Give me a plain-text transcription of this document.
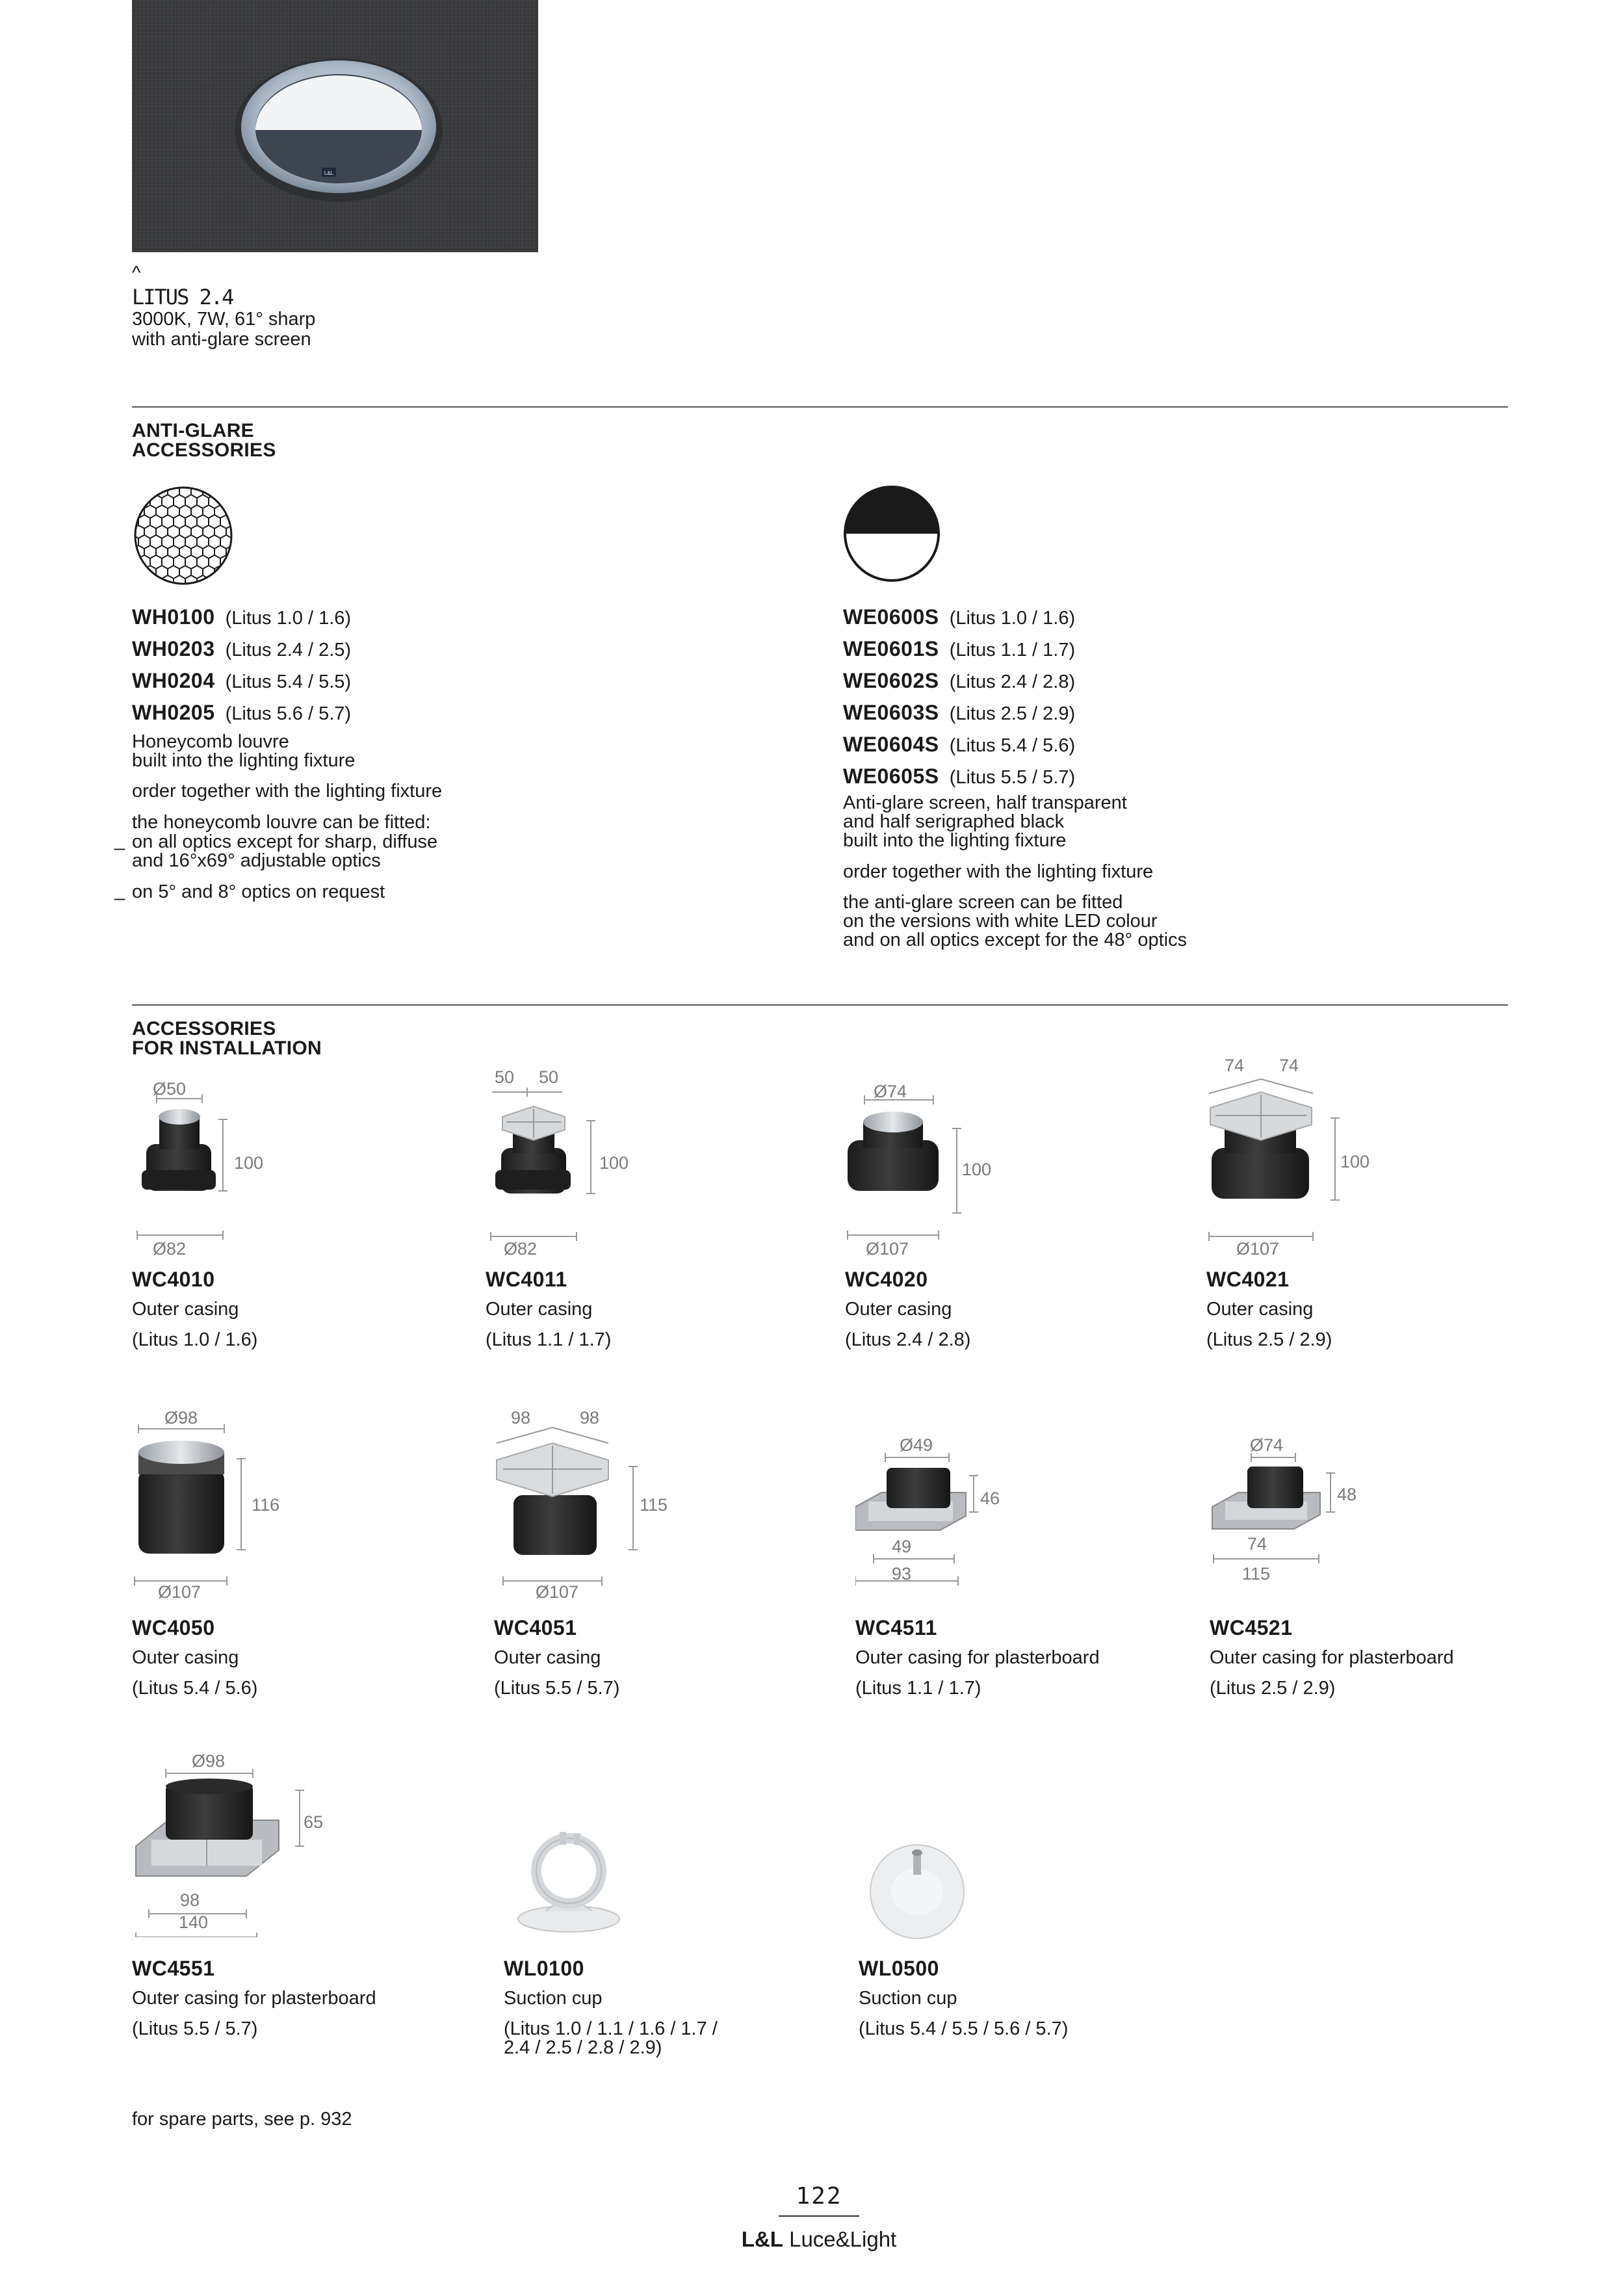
L&L
^
LITUS 2.4
3000K, 7W, 61° sharp
with anti-glare screen
ANTI-GLARE
ACCESSORIES
WH0100 (Litus 1.0 / 1.6)
WH0203 (Litus 2.4 / 2.5)
WH0204 (Litus 5.4 / 5.5)
WH0205 (Litus 5.6 / 5.7)
Honeycomb louvre
built into the lighting fixture
order together with the lighting fixture
the honeycomb louvre can be fitted:
_ on all optics except for sharp, diffuse
and 16°x69° adjustable optics
_ on 5° and 8° optics on request
WE0600S (Litus 1.0 / 1.6)
WE0601S (Litus 1.1 / 1.7)
WE0602S (Litus 2.4 / 2.8)
WE0603S (Litus 2.5 / 2.9)
WE0604S (Litus 5.4 / 5.6)
WE0605S (Litus 5.5 / 5.7)
Anti-glare screen, half transparent
and half serigraphed black
built into the lighting fixture
order together with the lighting fixture
the anti-glare screen can be fitted
on the versions with white LED colour
and on all optics except for the 48° optics
ACCESSORIES
FOR INSTALLATION
Ø50
100
Ø82
WC4010
Outer casing
(Litus 1.0 / 1.6)
50 50
100
Ø82
WC4011
Outer casing
(Litus 1.1 / 1.7)
Ø74
100
Ø107
WC4020
Outer casing
(Litus 2.4 / 2.8)
74 74
100
Ø107
WC4021
Outer casing
(Litus 2.5 / 2.9)
Ø98
116
Ø107
WC4050
Outer casing
(Litus 5.4 / 5.6)
98	98
115
Ø107
WC4051
Outer casing
(Litus 5.5 / 5.7)
Ø49
46
49
93
WC4511
Outer casing for plasterboard
(Litus 1.1 / 1.7)
Ø74
48
74
115
WC4521
Outer casing for plasterboard
(Litus 2.5 / 2.9)
Ø98
65
98
140
WC4551
Outer casing for plasterboard
(Litus 5.5 / 5.7)
WL0100
Suction cup
(Litus 1.0 / 1.1 / 1.6 / 1.7 /
2.4 / 2.5 / 2.8 / 2.9)
WL0500
Suction cup
(Litus 5.4 / 5.5 / 5.6 / 5.7)
for spare parts, see p. 932
122
L&L Luce&Light
